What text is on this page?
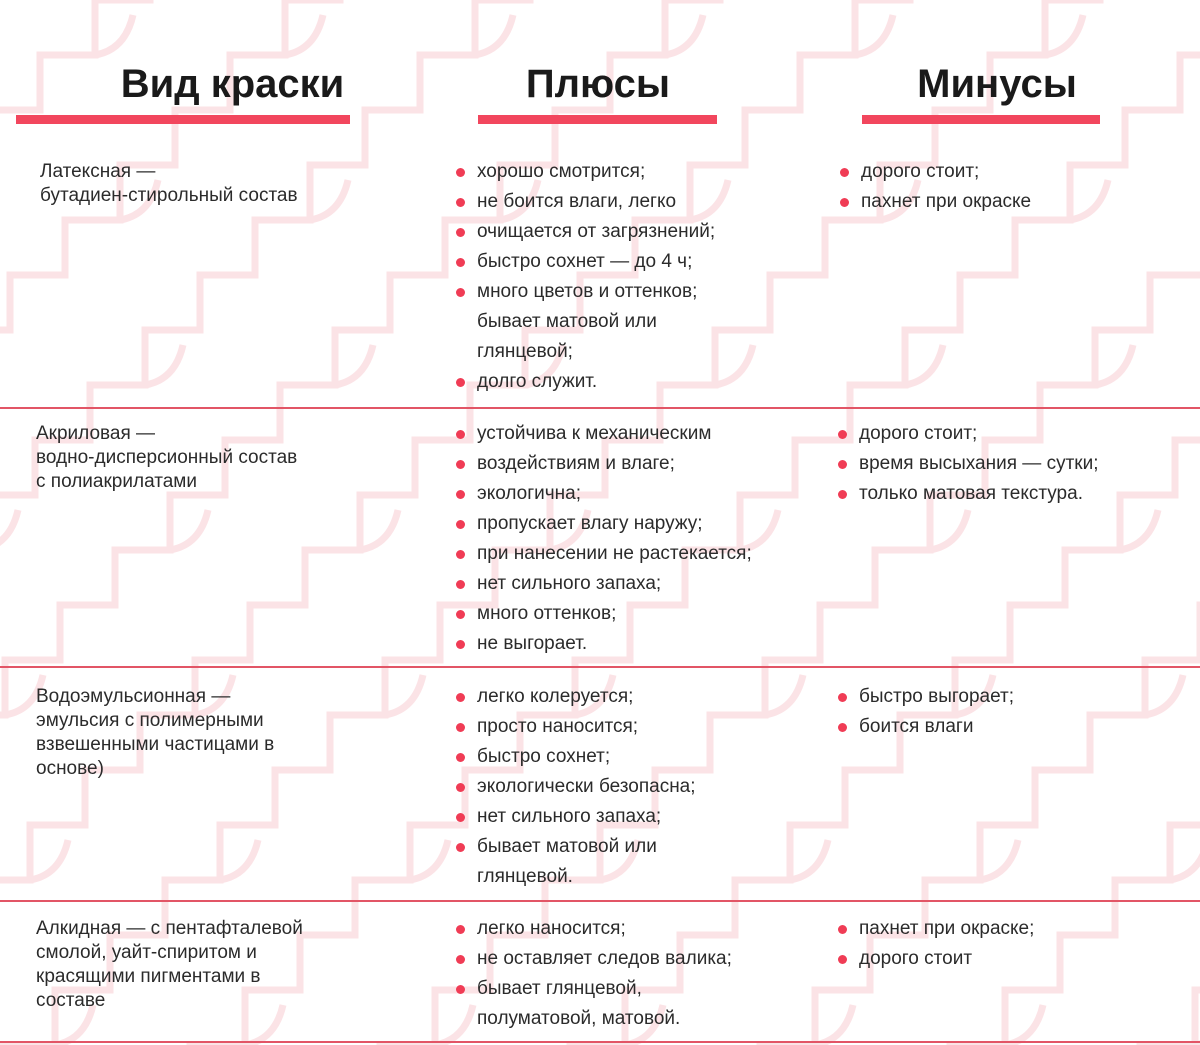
Вид краски	Плюсы	Минусы
Латексная —
бутадиен-стирольный состав
хорошо смотрится;
не боится влаги, легко
очищается от загрязнений;
быстро сохнет — до 4 ч;
много цветов и оттенков;
бывает матовой или
глянцевой;
долго служит.
дорого стоит;
пахнет при окраске
Акриловая —
водно-дисперсионный состав
с полиакрилатами
устойчива к механическим
воздействиям и влаге;
экологична;
пропускает влагу наружу;
при нанесении не растекается;
нет сильного запаха;
много оттенков;
не выгорает.
дорого стоит;
время высыхания — сутки;
только матовая текстура.
Водоэмульсионная —
эмульсия с полимерными
взвешенными частицами в
основе)
легко колеруется;
просто наносится;
быстро сохнет;
экологически безопасна;
нет сильного запаха;
бывает матовой или
глянцевой.
быстро выгорает;
боится влаги
Алкидная — с пентафталевой
смолой, уайт-спиритом и
красящими пигментами в
составе
легко наносится;
не оставляет следов валика;
бывает глянцевой,
полуматовой, матовой.
пахнет при окраске;
дорого стоит
